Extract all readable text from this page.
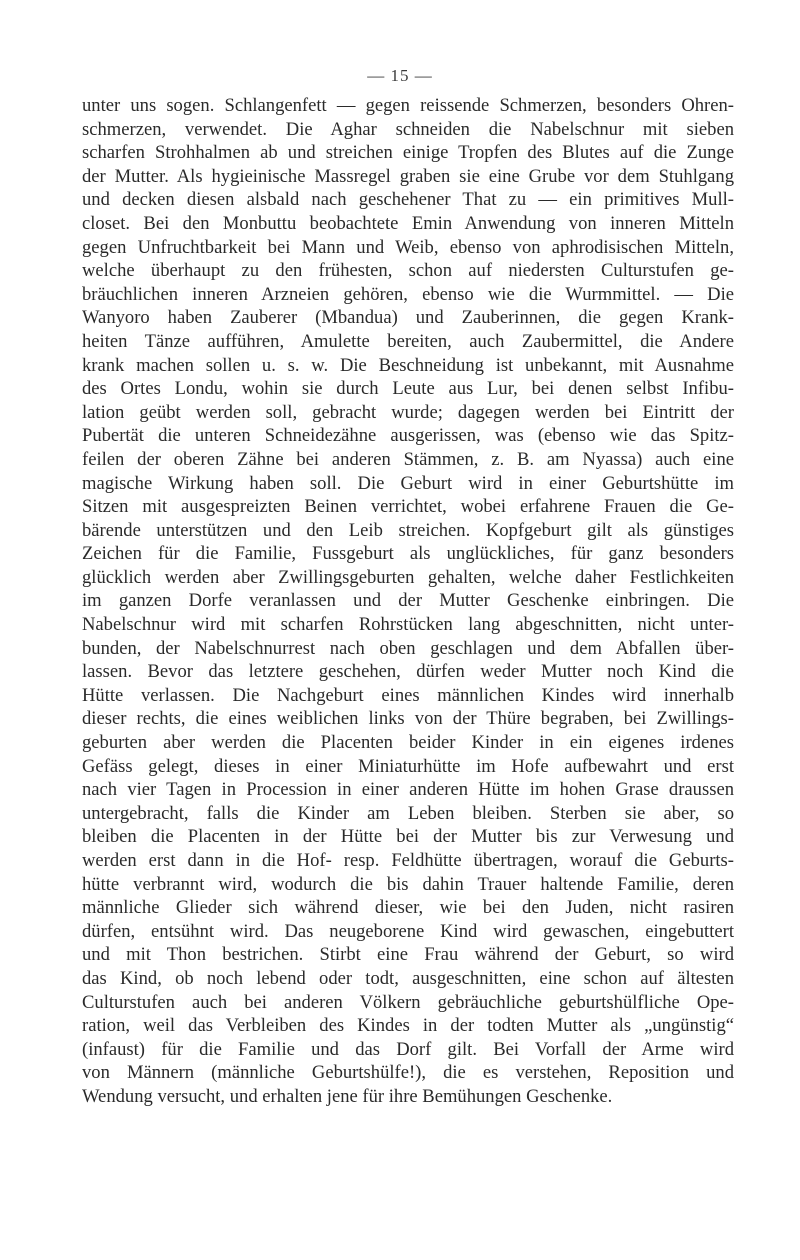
— 15 —
unter uns sogen. Schlangenfett — gegen reissende Schmerzen, besonders Ohren-
schmerzen, verwendet. Die Aghar schneiden die Nabelschnur mit sieben
scharfen Strohhalmen ab und streichen einige Tropfen des Blutes auf die Zunge
der Mutter. Als hygieinische Massregel graben sie eine Grube vor dem Stuhlgang
und decken diesen alsbald nach geschehener That zu — ein primitives Mull-
closet. Bei den Monbuttu beobachtete Emin Anwendung von inneren Mitteln
gegen Unfruchtbarkeit bei Mann und Weib, ebenso von aphrodisischen Mitteln,
welche überhaupt zu den frühesten, schon auf niedersten Culturstufen ge-
bräuchlichen inneren Arzneien gehören, ebenso wie die Wurmmittel. — Die
Wanyoro haben Zauberer (Mbandua) und Zauberinnen, die gegen Krank-
heiten Tänze aufführen, Amulette bereiten, auch Zaubermittel, die Andere
krank machen sollen u. s. w. Die Beschneidung ist unbekannt, mit Ausnahme
des Ortes Londu, wohin sie durch Leute aus Lur, bei denen selbst Infibu-
lation geübt werden soll, gebracht wurde; dagegen werden bei Eintritt der
Pubertät die unteren Schneidezähne ausgerissen, was (ebenso wie das Spitz-
feilen der oberen Zähne bei anderen Stämmen, z. B. am Nyassa) auch eine
magische Wirkung haben soll. Die Geburt wird in einer Geburtshütte im
Sitzen mit ausgespreizten Beinen verrichtet, wobei erfahrene Frauen die Ge-
bärende unterstützen und den Leib streichen. Kopfgeburt gilt als günstiges
Zeichen für die Familie, Fussgeburt als unglückliches, für ganz besonders
glücklich werden aber Zwillingsgeburten gehalten, welche daher Festlichkeiten
im ganzen Dorfe veranlassen und der Mutter Geschenke einbringen. Die
Nabelschnur wird mit scharfen Rohrstücken lang abgeschnitten, nicht unter-
bunden, der Nabelschnurrest nach oben geschlagen und dem Abfallen über-
lassen. Bevor das letztere geschehen, dürfen weder Mutter noch Kind die
Hütte verlassen. Die Nachgeburt eines männlichen Kindes wird innerhalb
dieser rechts, die eines weiblichen links von der Thüre begraben, bei Zwillings-
geburten aber werden die Placenten beider Kinder in ein eigenes irdenes
Gefäss gelegt, dieses in einer Miniaturhütte im Hofe aufbewahrt und erst
nach vier Tagen in Procession in einer anderen Hütte im hohen Grase draussen
untergebracht, falls die Kinder am Leben bleiben. Sterben sie aber, so
bleiben die Placenten in der Hütte bei der Mutter bis zur Verwesung und
werden erst dann in die Hof- resp. Feldhütte übertragen, worauf die Geburts-
hütte verbrannt wird, wodurch die bis dahin Trauer haltende Familie, deren
männliche Glieder sich während dieser, wie bei den Juden, nicht rasiren
dürfen, entsühnt wird. Das neugeborene Kind wird gewaschen, eingebuttert
und mit Thon bestrichen. Stirbt eine Frau während der Geburt, so wird
das Kind, ob noch lebend oder todt, ausgeschnitten, eine schon auf ältesten
Culturstufen auch bei anderen Völkern gebräuchliche geburtshülfliche Ope-
ration, weil das Verbleiben des Kindes in der todten Mutter als „ungünstig“
(infaust) für die Familie und das Dorf gilt. Bei Vorfall der Arme wird
von Männern (männliche Geburtshülfe!), die es verstehen, Reposition und
Wendung versucht, und erhalten jene für ihre Bemühungen Geschenke.
